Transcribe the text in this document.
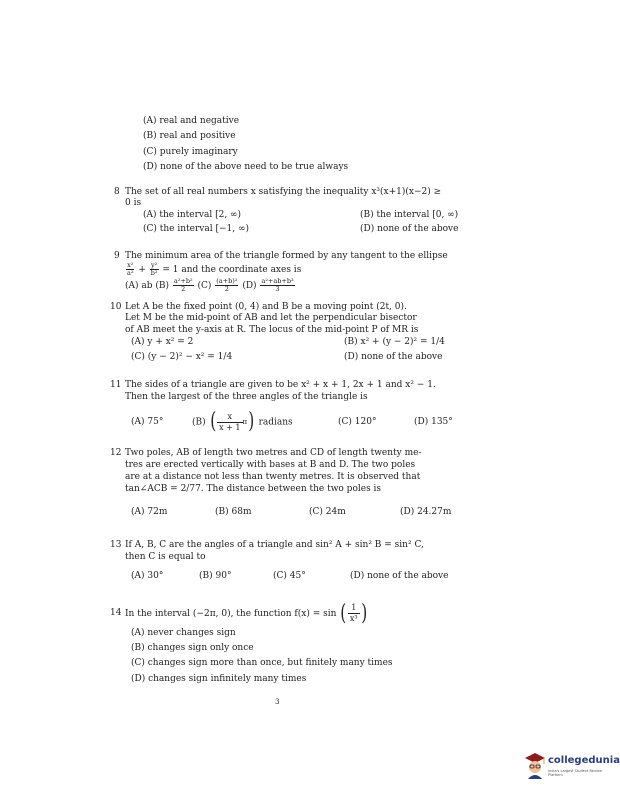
(A) real and negative
(B) real and positive
(C) purely imaginary
(D) none of the above need to be true always
8 The set of all real numbers x satisfying the inequality x³(x+1)(x−2) ≥
0 is
(A) the interval [2, ∞)	(B) the interval [0, ∞)
(C) the interval [−1, ∞)	(D) none of the above
9 The minimum area of the triangle formed by any tangent to the ellipse
$\frac{\text{x²}}{\text{a²}} + \frac{\text{y²}}{\text{b²}} = 1$ and the coordinate axes is
(A) ab $(B) \frac{\text{a²+b²}}{2} (C) \frac{\text{(a+b)²}}{2} (D) \frac{\text{a²+ab+b²}}{3}$
10 Let A be the fixed point (0, 4) and B be a moving point (2t, 0).
Let M be the mid-point of AB and let the perpendicular bisector
of AB meet the y-axis at R. The locus of the mid-point P of MR is
(A) y + x² = 2	(B) x² + (y − 2)² = 1/4
(C) (y − 2)² − x² = 1/4	(D) none of the above
11 The sides of a triangle are given to be x² + x + 1, 2x + 1 and x² − 1.
Then the largest of the three angles of the triangle is
(A) 75°	(B) ( $\frac{x}{x + 1} \pi$) radians	(C) 120°	(D) 135°
12 Two poles, AB of length two metres and CD of length twenty me-
tres are erected vertically with bases at B and D. The two poles
are at a distance not less than twenty metres. It is observed that
tan∠ACB = 2/77. The distance between the two poles is
(A) 72m	(B) 68m	(C) 24m	(D) 24.27m
13 If A, B, C are the angles of a triangle and sin² A + sin² B = sin² C,
then C is equal to
(A) 30°	(B) 90°	(C) 45°	(D) none of the above
14 In the interval (−2π, 0), the function f(x) = sin ( $\frac{1}{\text{x³}}$ )
(A) never changes sign
(B) changes sign only once
(C) changes sign more than once, but finitely many times
(D) changes sign infinitely many times
3
collegedunia
India's Largest Student Review Platform
